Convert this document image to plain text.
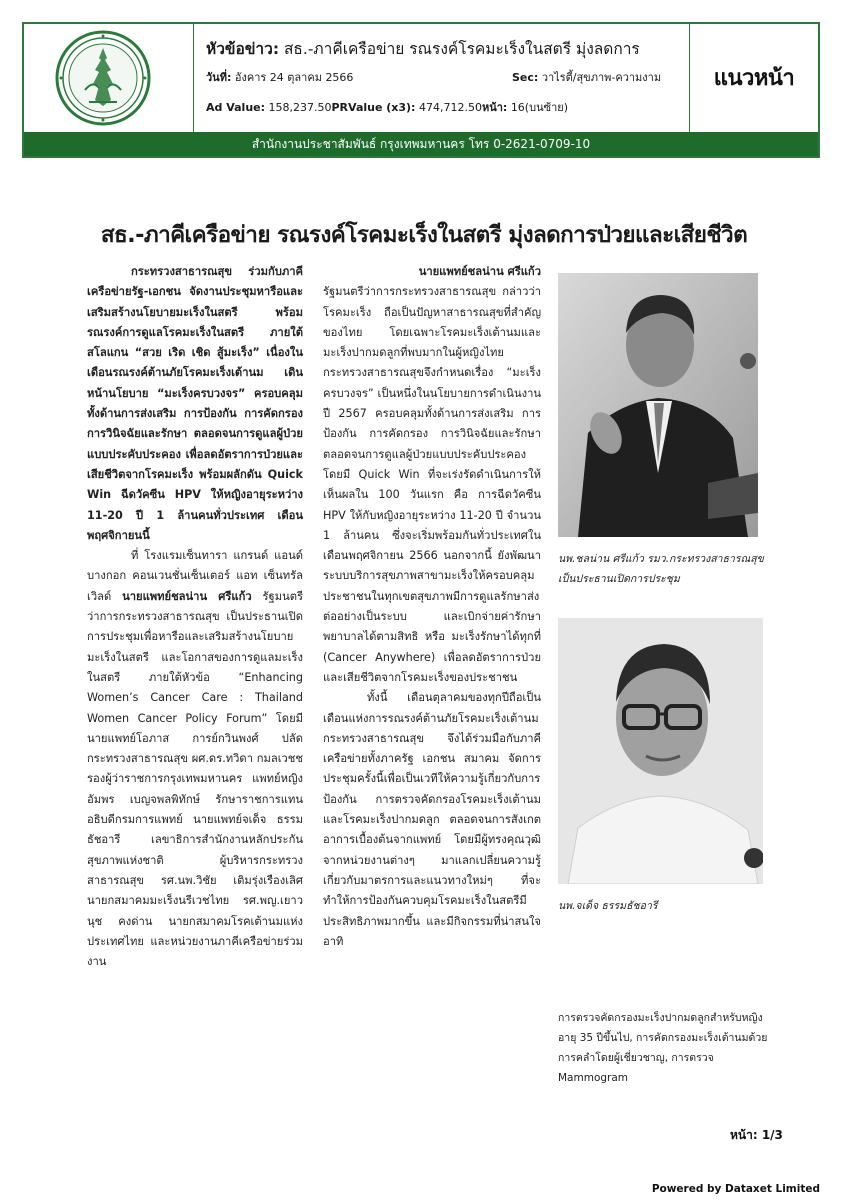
หัวข้อข่าว: สธ.-ภาคีเครือข่าย รณรงค์โรคมะเร็งในสตรี มุ่งลดการ
วันที่: อังคาร 24 ตุลาคม 2566	Sec: วาไรตี้/สุขภาพ-ความงาม
Ad Value: 158,237.50PRValue (x3): 474,712.50หน้า: 16(บนซ้าย)
แนวหน้า
สำนักงานประชาสัมพันธ์ กรุงเทพมหานคร โทร 0-2621-0709-10
สธ.-ภาคีเครือข่าย รณรงค์โรคมะเร็งในสตรี มุ่งลดการป่วยและเสียชีวิต

กระทรวงสาธารณสุข ร่วมกับภาคีเครือข่ายรัฐ-เอกชน จัดงานประชุมหารือและเสริมสร้างนโยบายมะเร็งในสตรี พร้อมรณรงค์การดูแลโรคมะเร็งในสตรี ภายใต้สโลแกน “สวย เริด เชิด สู้มะเร็ง” เนื่องในเดือนรณรงค์ต้านภัยโรคมะเร็งเต้านม เดินหน้านโยบาย “มะเร็งครบวงจร” ครอบคลุมทั้งด้านการส่งเสริม การป้องกัน การคัดกรอง การวินิจฉัยและรักษา ตลอดจนการดูแลผู้ป่วยแบบประคับประคอง เพื่อลดอัตราการป่วยและเสียชีวิตจากโรคมะเร็ง พร้อมผลักดัน Quick Win ฉีดวัคซีน HPV ให้หญิงอายุระหว่าง 11-20 ปี 1 ล้านคนทั่วประเทศ เดือนพฤศจิกายนนี้

ที่ โรงแรมเซ็นทารา แกรนด์ แอนด์ บางกอก คอนเวนชั่นเซ็นเตอร์ แอท เซ็นทรัลเวิลด์ นายแพทย์ชลน่าน ศรีแก้ว รัฐมนตรีว่าการกระทรวงสาธารณสุข เป็นประธานเปิดการประชุมเพื่อหารือและเสริมสร้างนโยบายมะเร็งในสตรี และโอกาสของการดูแลมะเร็งในสตรี ภายใต้หัวข้อ “Enhancing Women’s Cancer Care : Thailand Women Cancer Policy Forum” โดยมี นายแพทย์โอภาส การย์กวินพงศ์ ปลัดกระทรวงสาธารณสุข ผศ.ดร.ทวิดา กมลเวชช รองผู้ว่าราชการกรุงเทพมหานคร แพทย์หญิงอัมพร เบญจพลพิทักษ์ รักษาราชการแทนอธิบดีกรมการแพทย์ นายแพทย์จเด็จ ธรรมธัชอารี เลขาธิการสำนักงานหลักประกันสุขภาพแห่งชาติ ผู้บริหารกระทรวงสาธารณสุข รศ.นพ.วิชัย เติมรุ่งเรืองเลิศ นายกสมาคมมะเร็งนรีเวชไทย รศ.พญ.เยาวนุช คงด่าน นายกสมาคมโรคเต้านมแห่งประเทศไทย และหน่วยงานภาคีเครือข่ายร่วมงาน

นายแพทย์ชลน่าน ศรีแก้ว

รัฐมนตรีว่าการกระทรวงสาธารณสุข กล่าวว่า โรคมะเร็ง ถือเป็นปัญหาสาธารณสุขที่สำคัญของไทย โดยเฉพาะโรคมะเร็งเต้านมและมะเร็งปากมดลูกที่พบมากในผู้หญิงไทย กระทรวงสาธารณสุขจึงกำหนดเรื่อง “มะเร็งครบวงจร” เป็นหนึ่งในนโยบายการดำเนินงานปี 2567 ครอบคลุมทั้งด้านการส่งเสริม การป้องกัน การคัดกรอง การวินิจฉัยและรักษา ตลอดจนการดูแลผู้ป่วยแบบประคับประคอง โดยมี Quick Win ที่จะเร่งรัดดำเนินการให้เห็นผลใน 100 วันแรก คือ การฉีดวัคซีน HPV ให้กับหญิงอายุระหว่าง 11-20 ปี จำนวน 1 ล้านคน ซึ่งจะเริ่มพร้อมกันทั่วประเทศในเดือนพฤศจิกายน 2566 นอกจากนี้ ยังพัฒนาระบบบริการสุขภาพสาขามะเร็งให้ครอบคลุมประชาชนในทุกเขตสุขภาพมีการดูแลรักษาส่งต่ออย่างเป็นระบบ และเบิกจ่ายค่ารักษาพยาบาลได้ตามสิทธิ หรือ มะเร็งรักษาได้ทุกที่ (Cancer Anywhere) เพื่อลดอัตราการป่วยและเสียชีวิตจากโรคมะเร็งของประชาชน

ทั้งนี้ เดือนตุลาคมของทุกปีถือเป็นเดือนแห่งการรณรงค์ต้านภัยโรคมะเร็งเต้านม กระทรวงสาธารณสุข จึงได้ร่วมมือกับภาคีเครือข่ายทั้งภาครัฐ เอกชน สมาคม จัดการประชุมครั้งนี้เพื่อเป็นเวทีให้ความรู้เกี่ยวกับการป้องกัน การตรวจคัดกรองโรคมะเร็งเต้านม และโรคมะเร็งปากมดลูก ตลอดจนการสังเกตอาการเบื้องต้นจากแพทย์ โดยมีผู้ทรงคุณวุฒิจากหน่วยงานต่างๆ มาแลกเปลี่ยนความรู้เกี่ยวกับมาตรการและแนวทางใหม่ๆ ที่จะทำให้การป้องกันควบคุมโรคมะเร็งในสตรีมีประสิทธิภาพมากขึ้น และมีกิจกรรมที่น่าสนใจ อาทิ

นพ.ชลน่าน ศรีแก้ว รมว.กระทรวงสาธารณสุข เป็นประธานเปิดการประชุม
นพ.จเด็จ ธรรมธัชอารี
การตรวจคัดกรองมะเร็งปากมดลูกสำหรับหญิงอายุ 35 ปีขึ้นไป, การคัดกรองมะเร็งเต้านมด้วยการคลำโดยผู้เชี่ยวชาญ, การตรวจ Mammogram
หน้า: 1/3
Powered by Dataxet Limited
